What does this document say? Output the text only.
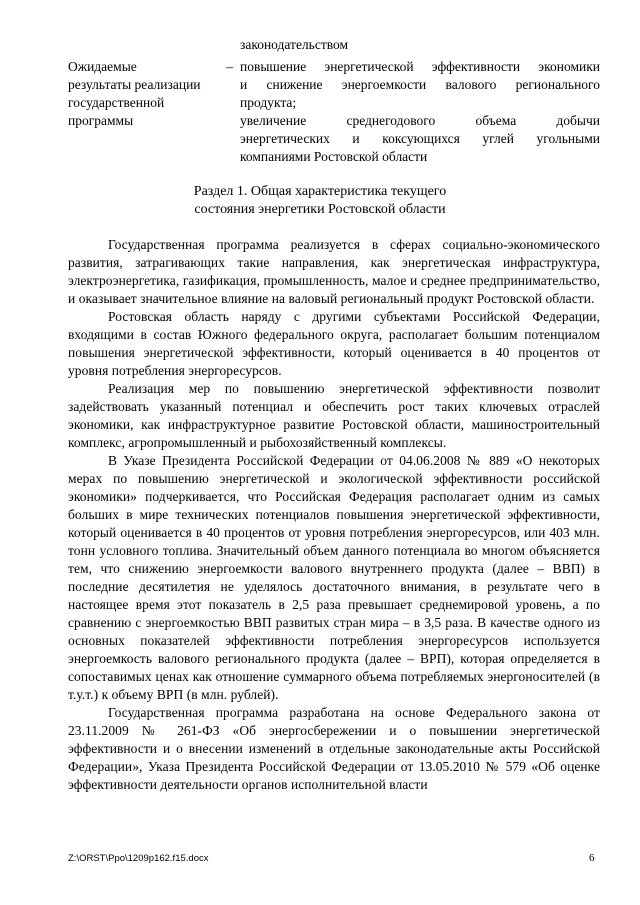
законодательством
Ожидаемые –
результаты реализации
государственной
программы
повышение энергетической эффективности экономики
и снижение энергоемкости валового регионального
продукта;
увеличение среднегодового объема добычи
энергетических и коксующихся углей угольными
компаниями Ростовской области
Раздел 1. Общая характеристика текущего
состояния энергетики Ростовской области

Государственная программа реализуется в сферах социально-экономического развития, затрагивающих такие направления, как энергетическая инфраструктура, электроэнергетика, газификация, промышленность, малое и среднее предпринимательство, и оказывает значительное влияние на валовый региональный продукт Ростовской области.

Ростовская область наряду с другими субъектами Российской Федерации, входящими в состав Южного федерального округа, располагает большим потенциалом повышения энергетической эффективности, который оценивается в 40 процентов от уровня потребления энергоресурсов.

Реализация мер по повышению энергетической эффективности позволит задействовать указанный потенциал и обеспечить рост таких ключевых отраслей экономики, как инфраструктурное развитие Ростовской области, машиностроительный комплекс, агропромышленный и рыбохозяйственный комплексы.

В Указе Президента Российской Федерации от 04.06.2008 № 889 «О некоторых мерах по повышению энергетической и экологической эффективности российской экономики» подчеркивается, что Российская Федерация располагает одним из самых больших в мире технических потенциалов повышения энергетической эффективности, который оценивается в 40 процентов от уровня потребления энергоресурсов, или 403 млн. тонн условного топлива. Значительный объем данного потенциала во многом объясняется тем, что снижению энергоемкости валового внутреннего продукта (далее – ВВП) в последние десятилетия не уделялось достаточного внимания, в результате чего в настоящее время этот показатель в 2,5 раза превышает среднемировой уровень, а по сравнению с энергоемкостью ВВП развитых стран мира – в 3,5 раза. В качестве одного из основных показателей эффективности потребления энергоресурсов используется энергоемкость валового регионального продукта (далее – ВРП), которая определяется в сопоставимых ценах как отношение суммарного объема потребляемых энергоносителей (в т.у.т.) к объему ВРП (в млн. рублей).

Государственная программа разработана на основе Федерального закона от 23.11.2009 № 261-ФЗ «Об энергосбережении и о повышении энергетической эффективности и о внесении изменений в отдельные законодательные акты Российской Федерации», Указа Президента Российской Федерации от 13.05.2010 № 579 «Об оценке эффективности деятельности органов исполнительной власти

Z:\ORST\Ppo\1209p162.f15.docx	6
